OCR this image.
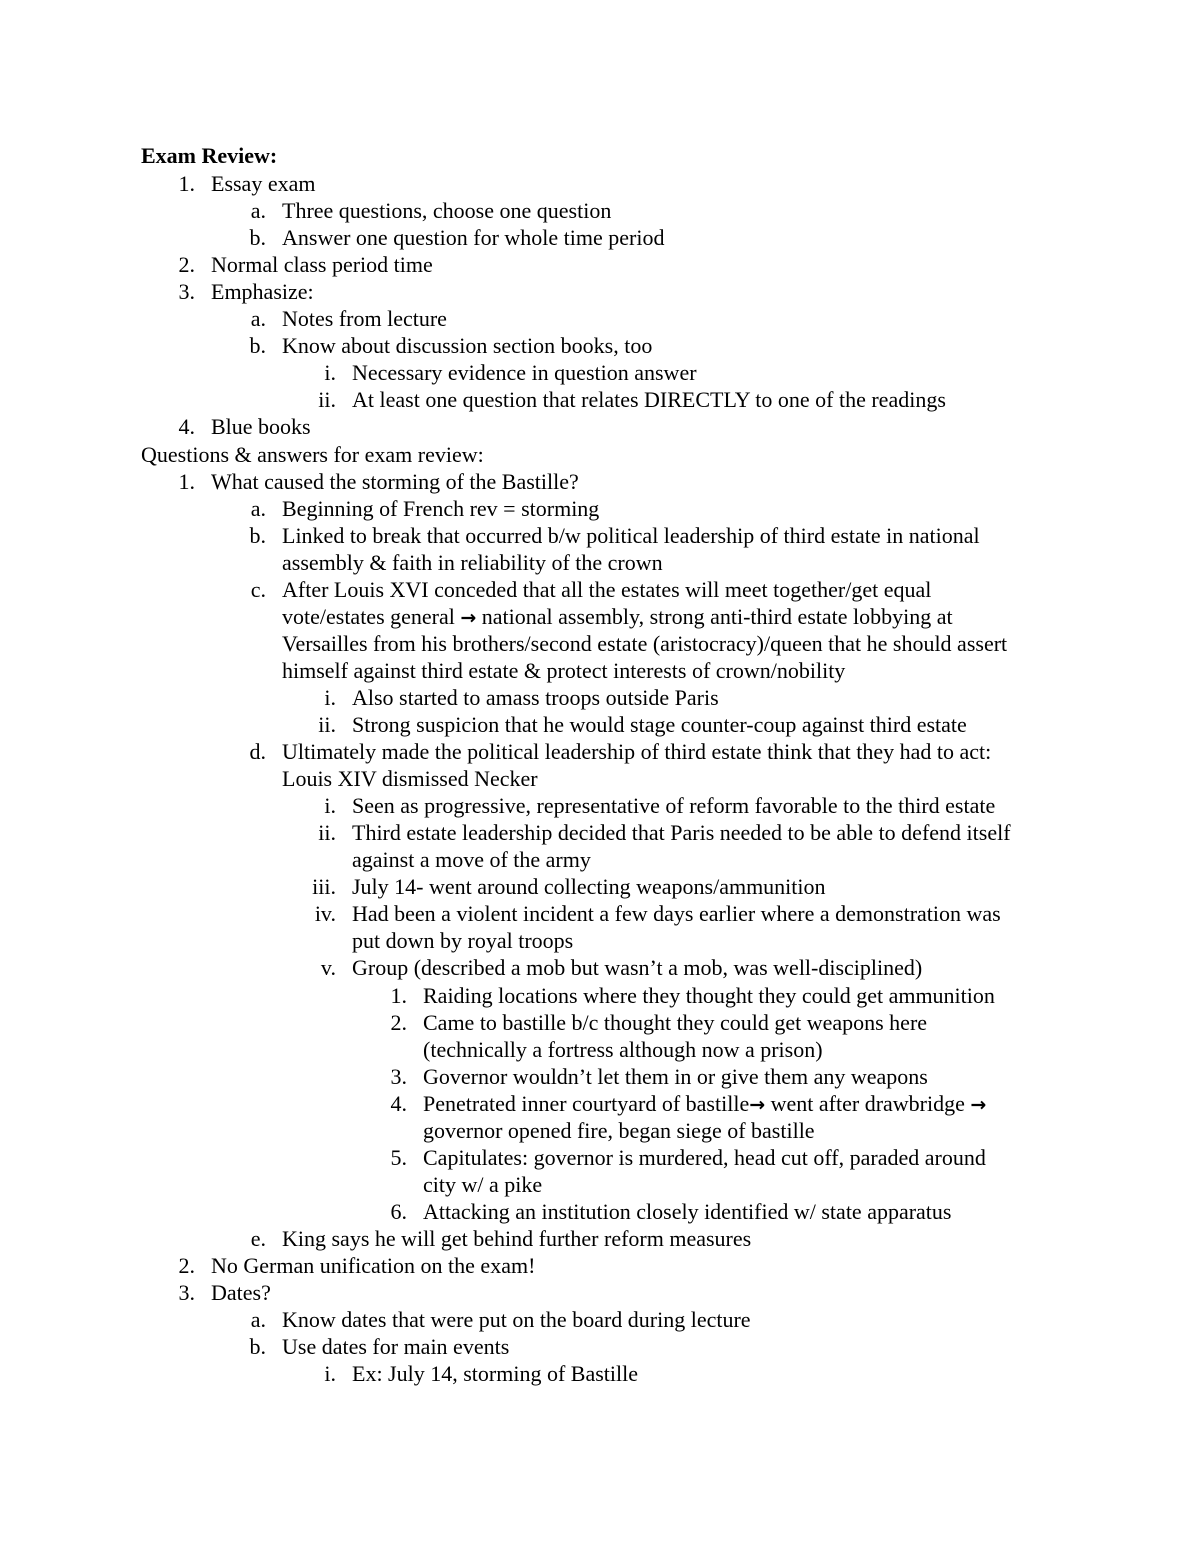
Exam Review:
1. Essay exam
a. Three questions, choose one question
b. Answer one question for whole time period
2. Normal class period time
3. Emphasize:
a. Notes from lecture
b. Know about discussion section books, too
i. Necessary evidence in question answer
ii. At least one question that relates DIRECTLY to one of the readings
4. Blue books
Questions & answers for exam review:
1. What caused the storming of the Bastille?
a. Beginning of French rev = storming
b. Linked to break that occurred b/w political leadership of third estate in national
assembly & faith in reliability of the crown
c. After Louis XVI conceded that all the estates will meet together/get equal
vote/estates general → national assembly, strong anti-third estate lobbying at
Versailles from his brothers/second estate (aristocracy)/queen that he should assert
himself against third estate & protect interests of crown/nobility
i. Also started to amass troops outside Paris
ii. Strong suspicion that he would stage counter-coup against third estate
d. Ultimately made the political leadership of third estate think that they had to act:
Louis XIV dismissed Necker
i. Seen as progressive, representative of reform favorable to the third estate
ii. Third estate leadership decided that Paris needed to be able to defend itself
against a move of the army
iii. July 14- went around collecting weapons/ammunition
iv. Had been a violent incident a few days earlier where a demonstration was
put down by royal troops
v. Group (described a mob but wasn’t a mob, was well-disciplined)
1. Raiding locations where they thought they could get ammunition
2. Came to bastille b/c thought they could get weapons here
(technically a fortress although now a prison)
3. Governor wouldn’t let them in or give them any weapons
4. Penetrated inner courtyard of bastille→ went after drawbridge →
governor opened fire, began siege of bastille
5. Capitulates: governor is murdered, head cut off, paraded around
city w/ a pike
6. Attacking an institution closely identified w/ state apparatus
e. King says he will get behind further reform measures
2. No German unification on the exam!
3. Dates?
a. Know dates that were put on the board during lecture
b. Use dates for main events
i. Ex: July 14, storming of Bastille
